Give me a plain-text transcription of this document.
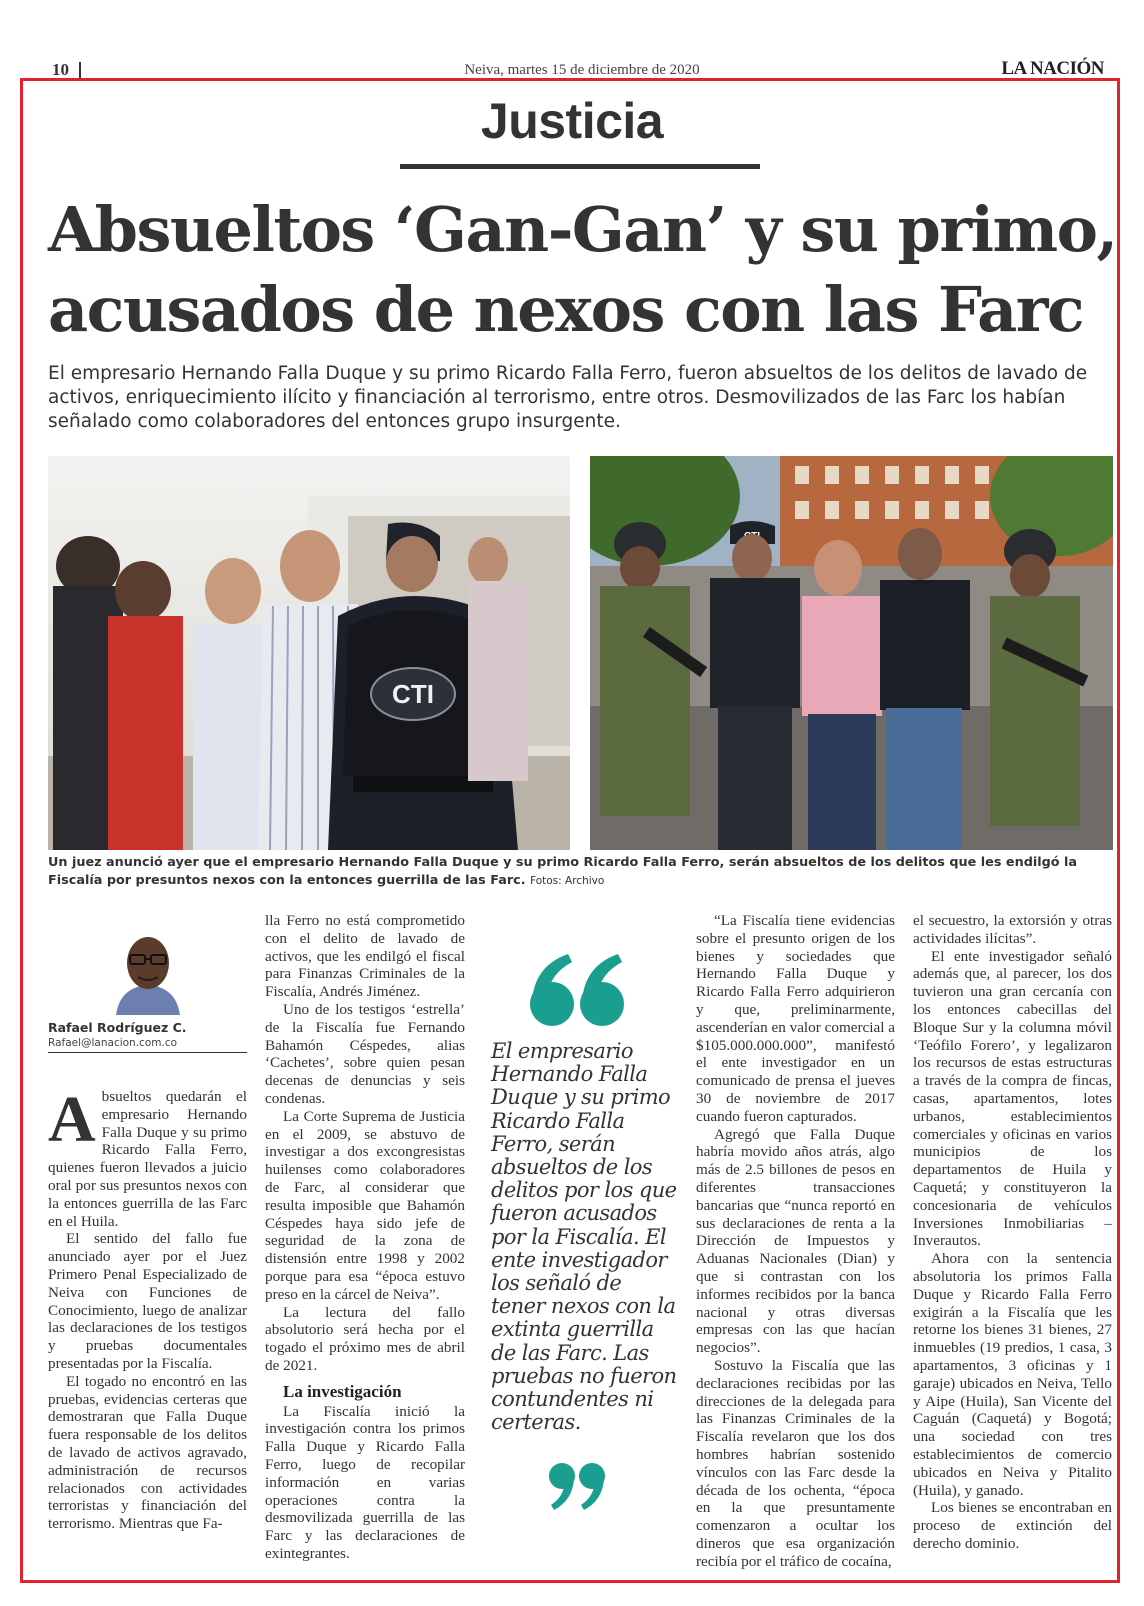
10	Neiva, martes 15 de diciembre de 2020	LA NACIÓN
Justicia
Absueltos ‘Gan-Gan’ y su primo,
acusados de nexos con las Farc

El empresario Hernando Falla Duque y su primo Ricardo Falla Ferro, fueron absueltos de los delitos de lavado de activos, enriquecimiento ilícito y financiación al terrorismo, entre otros. Desmovilizados de las Farc los habían señalado como colaboradores del entonces grupo insurgente.

CTI

Un juez anunció ayer que el empresario Hernando Falla Duque y su primo Ricardo Falla Ferro, serán absueltos de los delitos que les endilgó la Fiscalía por presuntos nexos con la entonces guerrilla de las Farc. Fotos: Archivo

Rafael Rodríguez C.
Rafael@lanacion.com.co

Absueltos quedarán el empresario Hernando Falla Duque y su primo Ricardo Falla Ferro, quienes fueron llevados a juicio oral por sus presuntos nexos con la entonces guerrilla de las Farc en el Huila.

El sentido del fallo fue anunciado ayer por el Juez Primero Penal Especializado de Neiva con Funciones de Conocimiento, luego de analizar las declaraciones de los testigos y pruebas documentales presentadas por la Fiscalía.

El togado no encontró en las pruebas, evidencias certeras que demostraran que Falla Duque fuera responsable de los delitos de lavado de activos agravado, administración de recursos relacionados con actividades terroristas y financiación del terrorismo. Mientras que Fa-

lla Ferro no está comprometido con el delito de lavado de activos, que les endilgó el fiscal para Finanzas Criminales de la Fiscalía, Andrés Jiménez.

Uno de los testigos ‘estrella’ de la Fiscalía fue Fernando Bahamón Céspedes, alias ‘Cachetes’, sobre quien pesan decenas de denuncias y seis condenas.

La Corte Suprema de Justicia en el 2009, se abstuvo de investigar a dos excongresistas huilenses como colaboradores de Farc, al considerar que resulta imposible que Bahamón Céspedes haya sido jefe de seguridad de la zona de distensión entre 1998 y 2002 porque para esa “época estuvo preso en la cárcel de Neiva”.

La lectura del fallo absolutorio será hecha por el togado el próximo mes de abril de 2021.

La investigación

La Fiscalía inició la investigación contra los primos Falla Duque y Ricardo Falla Ferro, luego de recopilar información en varias operaciones contra la desmovilizada guerrilla de las Farc y las declaraciones de exintegrantes.

El empresario Hernando Falla Duque y su primo Ricardo Falla Ferro, serán absueltos de los delitos por los que fueron acusados por la Fiscalía. El ente investigador los señaló de tener nexos con la extinta guerrilla de las Farc. Las pruebas no fueron contundentes ni certeras.

“La Fiscalía tiene evidencias sobre el presunto origen de los bienes y sociedades que Hernando Falla Duque y Ricardo Falla Ferro adquirieron y que, preliminarmente, ascenderían en valor comercial a $105.000.000.000”, manifestó el ente investigador en un comunicado de prensa el jueves 30 de noviembre de 2017 cuando fueron capturados.

Agregó que Falla Duque habría movido años atrás, algo más de 2.5 billones de pesos en diferentes transacciones bancarias que “nunca reportó en sus declaraciones de renta a la Dirección de Impuestos y Aduanas Nacionales (Dian) y que si contrastan con los informes recibidos por la banca nacional y otras diversas empresas con las que hacían negocios”.

Sostuvo la Fiscalía que las declaraciones recibidas por las direcciones de la delegada para las Finanzas Criminales de la Fiscalía revelaron que los dos hombres habrían sostenido vínculos con las Farc desde la década de los ochenta, “época en la que presuntamente comenzaron a ocultar los dineros que esa organización recibía por el tráfico de cocaína,

el secuestro, la extorsión y otras actividades ilícitas”.

El ente investigador señaló además que, al parecer, los dos tuvieron una gran cercanía con los entonces cabecillas del Bloque Sur y la columna móvil ‘Teófilo Forero’, y legalizaron los recursos de estas estructuras a través de la compra de fincas, casas, apartamentos, lotes urbanos, establecimientos comerciales y oficinas en varios municipios de los departamentos de Huila y Caquetá; y constituyeron la concesionaria de vehículos Inversiones Inmobiliarias – Inverautos.

Ahora con la sentencia absolutoria los primos Falla Duque y Ricardo Falla Ferro exigirán a la Fiscalía que les retorne los bienes 31 bienes, 27 inmuebles (19 predios, 1 casa, 3 apartamentos, 3 oficinas y 1 garaje) ubicados en Neiva, Tello y Aipe (Huila), San Vicente del Caguán (Caquetá) y Bogotá; una sociedad con tres establecimientos de comercio ubicados en Neiva y Pitalito (Huila), y ganado.

Los bienes se encontraban en proceso de extinción del derecho dominio.
